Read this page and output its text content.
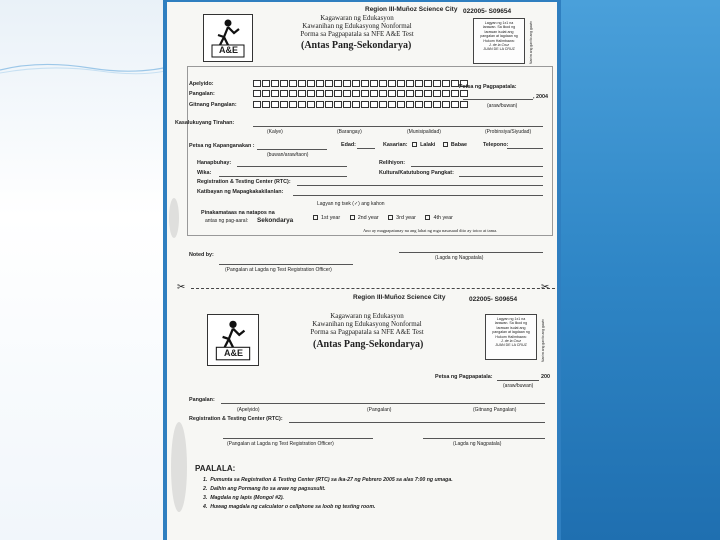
Region III-Muñoz Science City 022005- S09654
A&E
Kagawaran ng Edukasyon
Kawanihan ng Edukasyong Nonformal
Porma sa Pagpapatala sa NFE A&E Test
(Antas Pang-Sekondarya)
Lagyan ng 1x1 na
larawan. Sa likod ng
larawan isulat ang
pangalan at lagdaan ng
Hukom Halimbawa:
J. de la Cruz
JUAN DE LA CRUZ	Nanim ang ganito ang gawin
Apelyido:
Pangalan:
Gitnang Pangalan:
Petsa ng Pagpapatala:
, 2004
(araw/buwan)
Kasalukuyang Tirahan:
(Kalye)	(Barangay)	(Munisipalidad)	(Probinsiya/Siyudad)
Petsa ng Kapanganakan :
(buwan/araw/taon)
Edad:	Kasarian: Lalaki	Babae	Telepono:
Hanapbuhay:	Relihiyon:
Wika:	Kultura/Katutubong Pangkat:
Registration & Testing Center (RTC):
Katibayan ng Mapagkakakilanlan:
Lagyan ng tsek (✓) ang kahon
Pinakamataas na natapos na
antas ng pag-aaral: Sekondarya	1st year	2nd year	3rd year	4th year
Ano ay magpapatunay na ang lahat ng mga nasasaad dito ay totoo at tama.
Noted by:
(Pangalan at Lagda ng Test Registration Officer)
(Lagda ng Nagpatala)
✂	✂
Region III-Muñoz Science City	022005- S09654
A&E
Kagawaran ng Edukasyon
Kawanihan ng Edukasyong Nonformal
Porma sa Pagpapatala sa NFE A&E Test
(Antas Pang-Sekondarya)
Lagyan ng 1x1 na
larawan. Sa likod ng
larawan isulat ang
pangalan at lagdaan ng
Hukom Halimbawa:
J. de la Cruz
JUAN DE LA CRUZ	Nanim ang ganito ang gawin
Petsa ng Pagpapatala:	200
(araw/buwan)
Pangalan:
(Apelyido)	(Pangalan)	(Gitnang Pangalan)
Registration & Testing Center (RTC):
(Pangalan at Lagda ng Test Registration Officer)	(Lagda ng Nagpatala)
PAALALA:
1.  Pumunta sa Registration & Testing Center (RTC) sa ika-27 ng Pebrero 2005 sa alas 7:00 ng umaga.
2.  Dalhin ang Pormang ito sa araw ng pagsusulit.
3.  Magdala ng lapis (Mongol #2).
4.  Huwag magdala ng calculator o cellphone sa loob ng testing room.
